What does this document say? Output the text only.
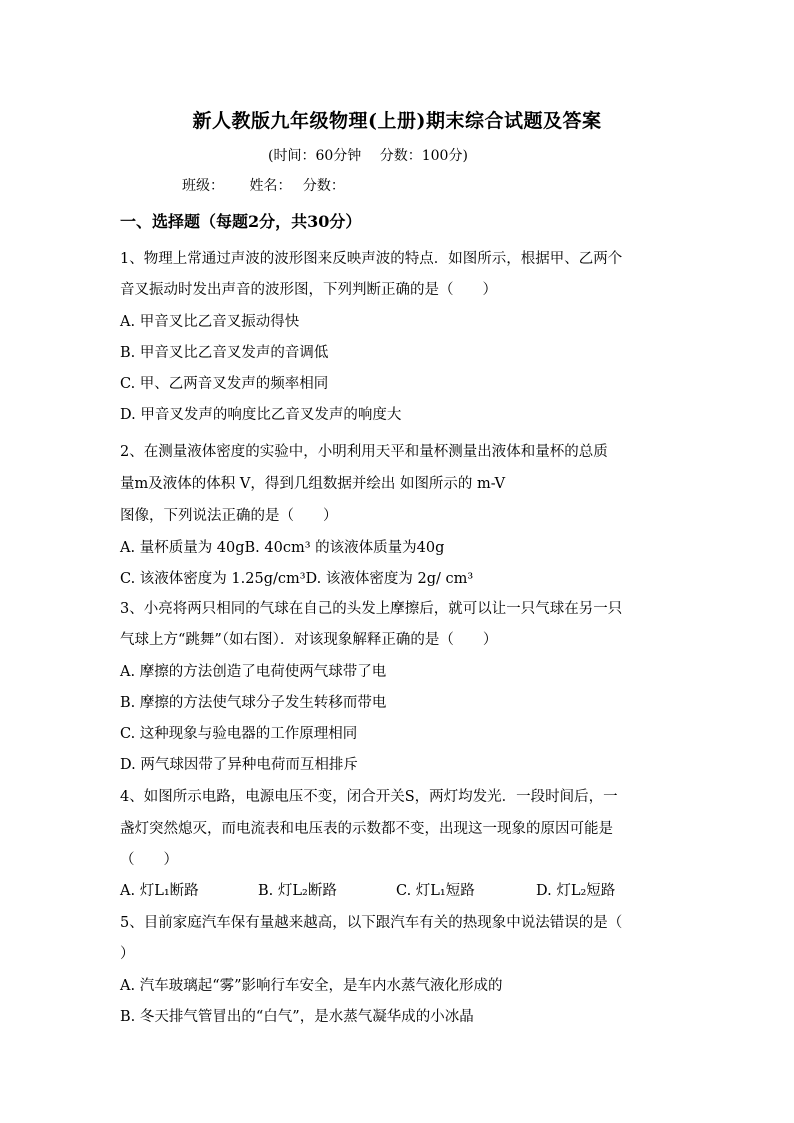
新人教版九年级物理(上册)期末综合试题及答案
(时间：60分钟　 分数：100分)
班级：　　 姓名：　 分数：
一、选择题（每题2分，共30分）
1、物理上常通过声波的波形图来反映声波的特点．如图所示，根据甲、乙两个
音叉振动时发出声音的波形图，下列判断正确的是（　　）
A. 甲音叉比乙音叉振动得快
B. 甲音叉比乙音叉发声的音调低
C. 甲、乙两音叉发声的频率相同
D. 甲音叉发声的响度比乙音叉发声的响度大
2、在测量液体密度的实验中，小明利用天平和量杯测量出液体和量杯的总质
量m及液体的体积 V，得到几组数据并绘出 如图所示的 m-V
图像，下列说法正确的是（　　）
A. 量杯质量为 40gB. 40cm³ 的该液体质量为40g
C. 该液体密度为 1.25g/cm³D. 该液体密度为 2g/ cm³
3、小亮将两只相同的气球在自己的头发上摩擦后，就可以让一只气球在另一只
气球上方“跳舞”（如右图）．对该现象解释正确的是（　　）
A. 摩擦的方法创造了电荷使两气球带了电
B. 摩擦的方法使气球分子发生转移而带电
C. 这种现象与验电器的工作原理相同
D. 两气球因带了异种电荷而互相排斥
4、如图所示电路，电源电压不变，闭合开关S，两灯均发光．一段时间后，一
盏灯突然熄灭，而电流表和电压表的示数都不变，出现这一现象的原因可能是
（　　）
A. 灯L₁断路	B. 灯L₂断路	C. 灯L₁短路	D. 灯L₂短路
5、目前家庭汽车保有量越来越高，以下跟汽车有关的热现象中说法错误的是（
）
A. 汽车玻璃起“雾”影响行车安全，是车内水蒸气液化形成的
B. 冬天排气管冒出的“白气”，是水蒸气凝华成的小冰晶
